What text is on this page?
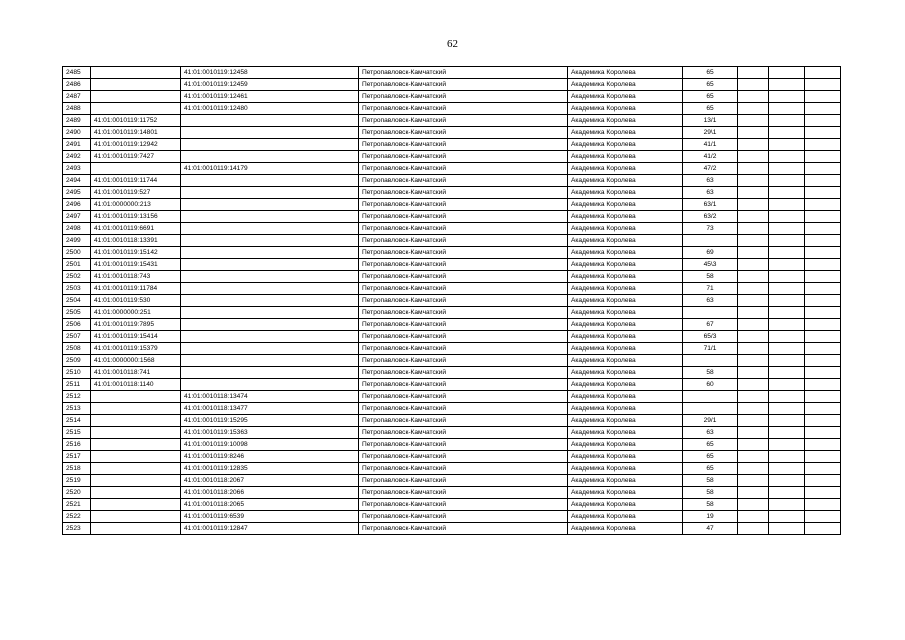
62
2485		41:01:0010119:12458	Петропавловск-Камчатский	Академика Королева	65			
2486		41:01:0010119:12459	Петропавловск-Камчатский	Академика Королева	65			
2487		41:01:0010119:12461	Петропавловск-Камчатский	Академика Королева	65			
2488		41:01:0010119:12480	Петропавловск-Камчатский	Академика Королева	65			
2489	41:01:0010119:11752		Петропавловск-Камчатский	Академика Королева	13/1			
2490	41:01:0010119:14801		Петропавловск-Камчатский	Академика Королева	29\1			
2491	41:01:0010119:12942		Петропавловск-Камчатский	Академика Королева	41/1			
2492	41:01:0010119:7427		Петропавловск-Камчатский	Академика Королева	41/2			
2493		41:01:0010119:14179	Петропавловск-Камчатский	Академика Королева	47/2			
2494	41:01:0010119:11744		Петропавловск-Камчатский	Академика Королева	63			
2495	41:01:0010119:527		Петропавловск-Камчатский	Академика Королева	63			
2496	41:01:0000000:213		Петропавловск-Камчатский	Академика Королева	63/1			
2497	41:01:0010119:13156		Петропавловск-Камчатский	Академика Королева	63/2			
2498	41:01:0010119:6691		Петропавловск-Камчатский	Академика Королева	73			
2499	41:01:0010118:13391		Петропавловск-Камчатский	Академика Королева				
2500	41:01:0010119:15142		Петропавловск-Камчатский	Академика Королева	69			
2501	41:01:0010119:15431		Петропавловск-Камчатский	Академика Королева	45\3			
2502	41:01:0010118:743		Петропавловск-Камчатский	Академика Королева	58			
2503	41:01:0010119:11784		Петропавловск-Камчатский	Академика Королева	71			
2504	41:01:0010119:530		Петропавловск-Камчатский	Академика Королева	63			
2505	41:01:0000000:251		Петропавловск-Камчатский	Академика Королева				
2506	41:01:0010119:7895		Петропавловск-Камчатский	Академика Королева	67			
2507	41:01:0010119:15414		Петропавловск-Камчатский	Академика Королева	65/3			
2508	41:01:0010119:15379		Петропавловск-Камчатский	Академика Королева	71/1			
2509	41:01:0000000:1568		Петропавловск-Камчатский	Академика Королева				
2510	41:01:0010118:741		Петропавловск-Камчатский	Академика Королева	58			
2511	41:01:0010118:1140		Петропавловск-Камчатский	Академика Королева	60			
2512		41:01:0010118:13474	Петропавловск-Камчатский	Академика Королева				
2513		41:01:0010118:13477	Петропавловск-Камчатский	Академика Королева				
2514		41:01:0010119:15295	Петропавловск-Камчатский	Академика Королева	29/1			
2515		41:01:0010119:15363	Петропавловск-Камчатский	Академика Королева	63			
2516		41:01:0010119:10098	Петропавловск-Камчатский	Академика Королева	65			
2517		41:01:0010119:8246	Петропавловск-Камчатский	Академика Королева	65			
2518		41:01:0010119:12835	Петропавловск-Камчатский	Академика Королева	65			
2519		41:01:0010118:2067	Петропавловск-Камчатский	Академика Королева	58			
2520		41:01:0010118:2066	Петропавловск-Камчатский	Академика Королева	58			
2521		41:01:0010118:2065	Петропавловск-Камчатский	Академика Королева	58			
2522		41:01:0010119:6539	Петропавловск-Камчатский	Академика Королева	19			
2523		41:01:0010119:12847	Петропавловск-Камчатский	Академика Королева	47			
